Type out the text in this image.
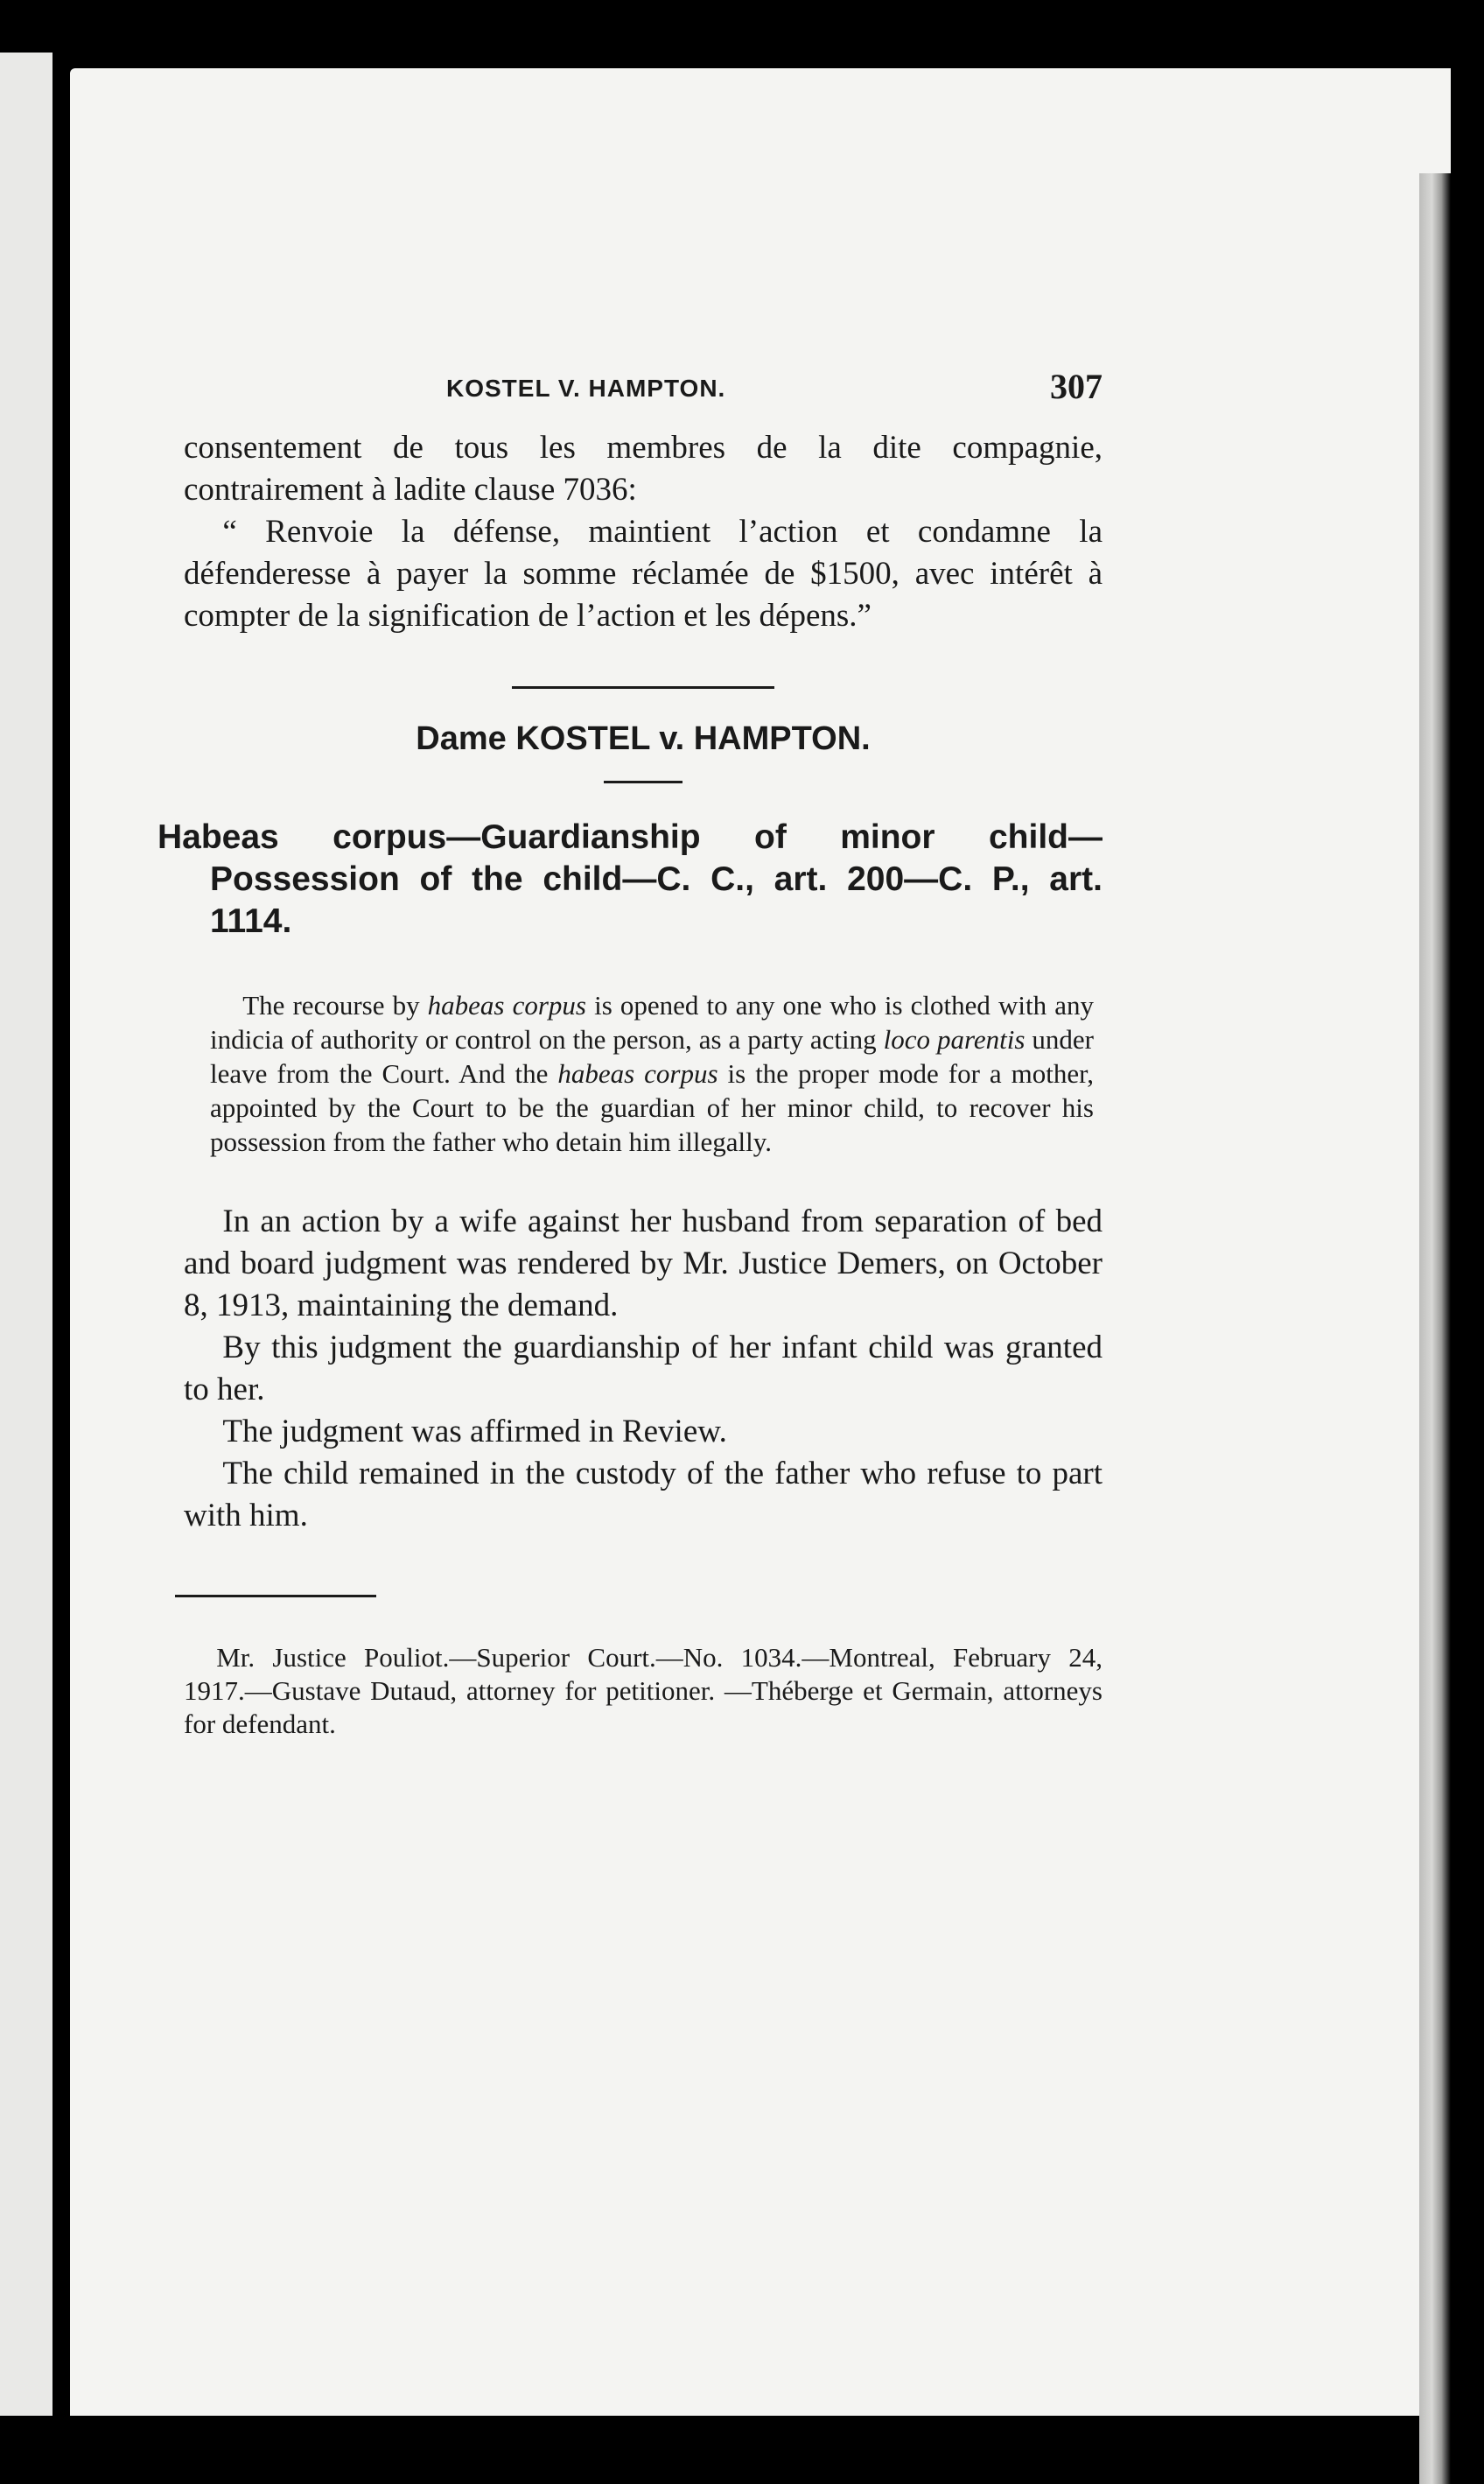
KOSTEL V. HAMPTON.	307

consentement de tous les membres de la dite compagnie, contrairement à ladite clause 7036:

“ Renvoie la défense, maintient l’action et condamne la défenderesse à payer la somme réclamée de $1500, avec intérêt à compter de la signification de l’action et les dépens.”

Dame KOSTEL v. HAMPTON.

Habeas corpus—Guardianship of minor child—Possession of the child—C. C., art. 200—C. P., art. 1114.

The recourse by habeas corpus is opened to any one who is clothed with any indicia of authority or control on the person, as a party acting loco parentis under leave from the Court. And the habeas corpus is the proper mode for a mother, appointed by the Court to be the guardian of her minor child, to recover his possession from the father who detain him illegally.

In an action by a wife against her husband from separation of bed and board judgment was rendered by Mr. Justice Demers, on October 8, 1913, maintaining the demand.

By this judgment the guardianship of her infant child was granted to her.

The judgment was affirmed in Review.

The child remained in the custody of the father who refuse to part with him.

Mr. Justice Pouliot.—Superior Court.—No. 1034.—Montreal, February 24, 1917.—Gustave Dutaud, attorney for petitioner. —Théberge et Germain, attorneys for defendant.
